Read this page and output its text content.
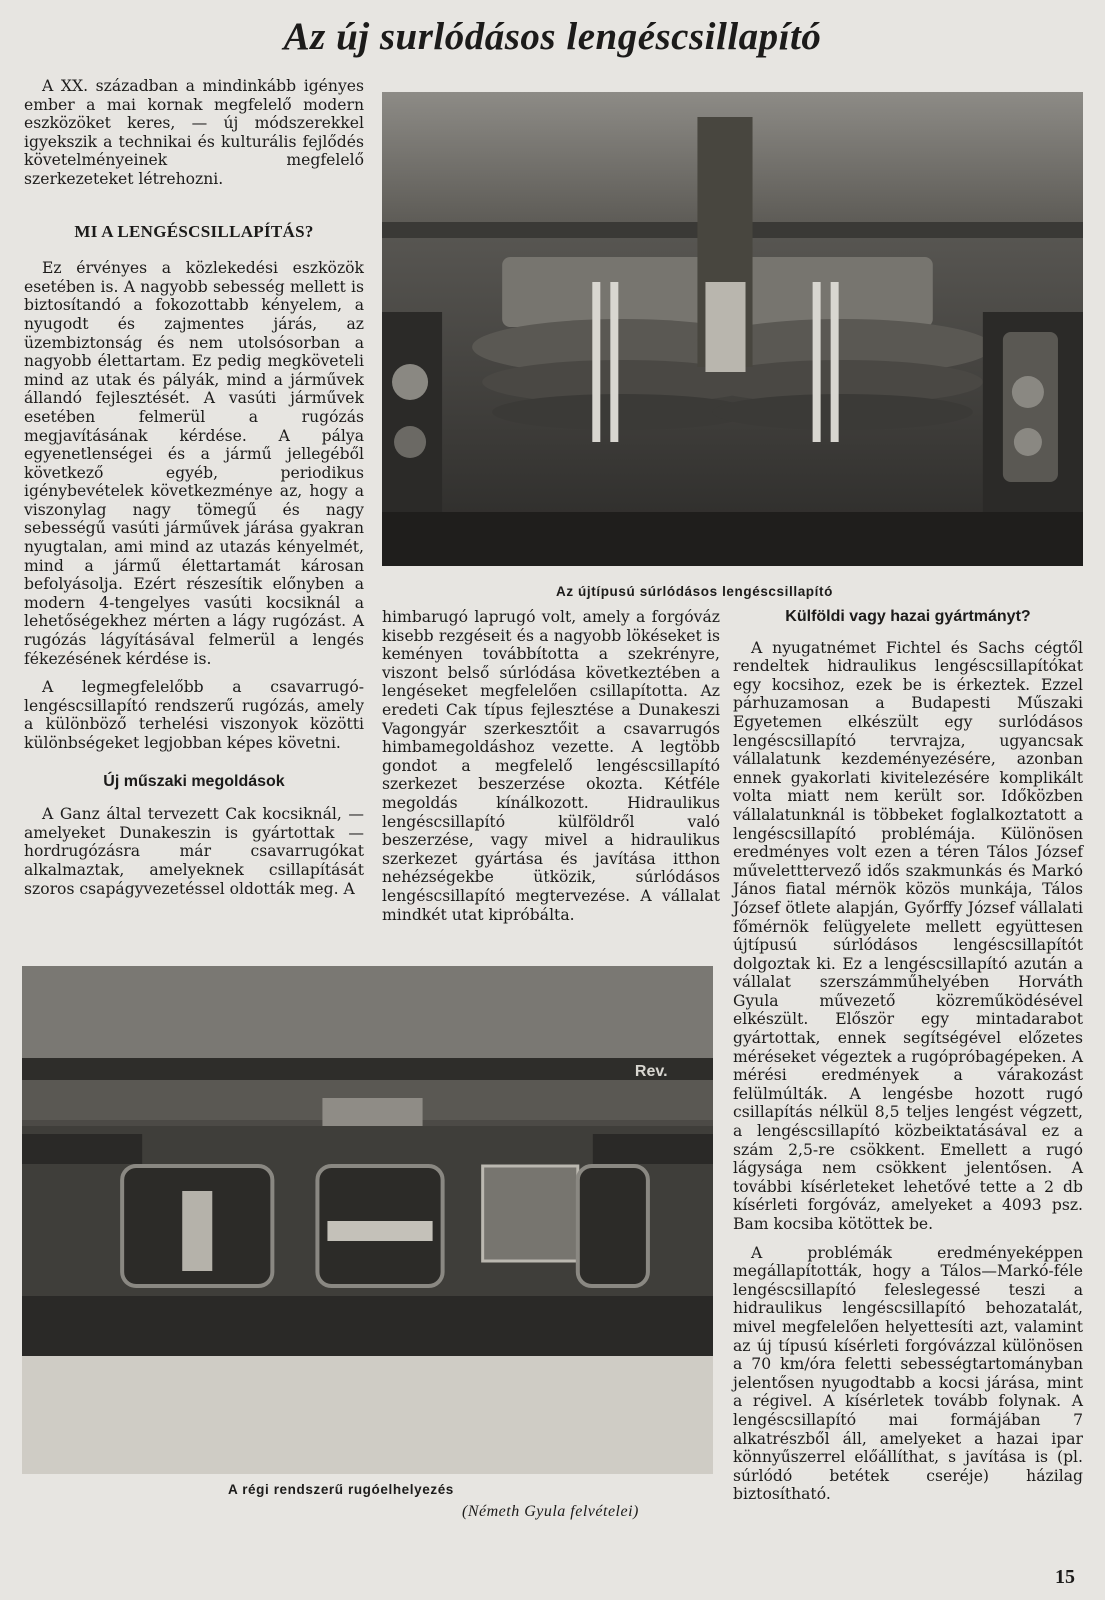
Az új surlódásos lengéscsillapító

A XX. században a mindinkább igényes ember a mai kornak megfelelő modern eszközöket keres, — új módszerekkel igyekszik a technikai és kulturális fejlődés követelményeinek megfelelő szerkezeteket létrehozni.

MI A LENGÉSCSILLAPÍTÁS?

Ez érvényes a közlekedési eszközök esetében is. A nagyobb sebesség mellett is biztosítandó a fokozottabb kényelem, a nyugodt és zajmentes járás, az üzembiztonság és nem utolsósorban a nagyobb élettartam. Ez pedig megköveteli mind az utak és pályák, mind a járművek állandó fejlesztését. A vasúti járművek esetében felmerül a rugózás megjavításának kérdése. A pálya egyenetlenségei és a jármű jellegéből következő egyéb, periodikus igénybevételek következménye az, hogy a viszonylag nagy tömegű és nagy sebességű vasúti járművek járása gyakran nyugtalan, ami mind az utazás kényelmét, mind a jármű élettartamát károsan befolyásolja. Ezért részesítik előnyben a modern 4-tengelyes vasúti kocsiknál a lehetőségekhez mérten a lágy rugózást. A rugózás lágyításával felmerül a lengés fékezésének kérdése is.

A legmegfelelőbb a csavarrugó-lengéscsillapító rendszerű rugózás, amely a különböző terhelési viszonyok közötti különbségeket legjobban képes követni.

Új műszaki megoldások

A Ganz által tervezett Cak kocsiknál, — amelyeket Dunakeszin is gyártottak — hordrugózásra már csavarrugókat alkalmaztak, amelyeknek csillapítását szoros csapágyvezetéssel oldották meg. A

Az újtípusú súrlódásos lengéscsillapító

himbarugó laprugó volt, amely a forgóváz kisebb rezgéseit és a nagyobb lökéseket is keményen továbbította a szekrényre, viszont belső súrlódása következtében a lengéseket megfelelően csillapította. Az eredeti Cak típus fejlesztése a Dunakeszi Vagongyár szerkesztőit a csavarrugós himbamegoldáshoz vezette. A legtöbb gondot a megfelelő lengéscsillapító szerkezet beszerzése okozta. Kétféle megoldás kínálkozott. Hidraulikus lengéscsillapító külföldről való beszerzése, vagy mivel a hidraulikus szerkezet gyártása és javítása itthon nehézségekbe ütközik, súrlódásos lengéscsillapító megtervezése. A vállalat mindkét utat kipróbálta.

Külföldi vagy hazai gyártmányt?

A nyugatnémet Fichtel és Sachs cégtől rendeltek hidraulikus lengéscsillapítókat egy kocsihoz, ezek be is érkeztek. Ezzel párhuzamosan a Budapesti Műszaki Egyetemen elkészült egy surlódásos lengéscsillapító tervrajza, ugyancsak vállalatunk kezdeményezésére, azonban ennek gyakorlati kivitelezésére komplikált volta miatt nem került sor. Időközben vállalatunknál is többeket foglalkoztatott a lengéscsillapító problémája. Különösen eredményes volt ezen a téren Tálos József műveletttervező idős szakmunkás és Markó János fiatal mérnök közös munkája, Tálos József ötlete alapján, Győrffy József vállalati főmérnök felügyelete mellett együttesen újtípusú súrlódásos lengéscsillapítót dolgoztak ki. Ez a lengéscsillapító azután a vállalat szerszámműhelyében Horváth Gyula művezető közreműködésével elkészült. Először egy mintadarabot gyártottak, ennek segítségével előzetes méréseket végeztek a rugópróbagépeken. A mérési eredmények a várakozást felülmúlták. A lengésbe hozott rugó csillapítás nélkül 8,5 teljes lengést végzett, a lengéscsillapító közbeiktatásával ez a szám 2,5-re csökkent. Emellett a rugó lágysága nem csökkent jelentősen. A további kísérleteket lehetővé tette a 2 db kísérleti forgóváz, amelyeket a 4093 psz. Bam kocsiba kötöttek be.

A problémák eredményeképpen megállapították, hogy a Tálos—Markó-féle lengéscsillapító feleslegessé teszi a hidraulikus lengéscsillapító behozatalát, mivel megfelelően helyettesíti azt, valamint az új típusú kísérleti forgóvázzal különösen a 70 km/óra feletti sebességtartományban jelentősen nyugodtabb a kocsi járása, mint a régivel. A kísérletek tovább folynak. A lengéscsillapító mai formájában 7 alkatrészből áll, amelyeket a hazai ipar könnyűszerrel előállíthat, s javítása is (pl. súrlódó betétek cseréje) házilag biztosítható.

Rev.
A régi rendszerű rugóelhelyezés
(Németh Gyula felvételei)
15
